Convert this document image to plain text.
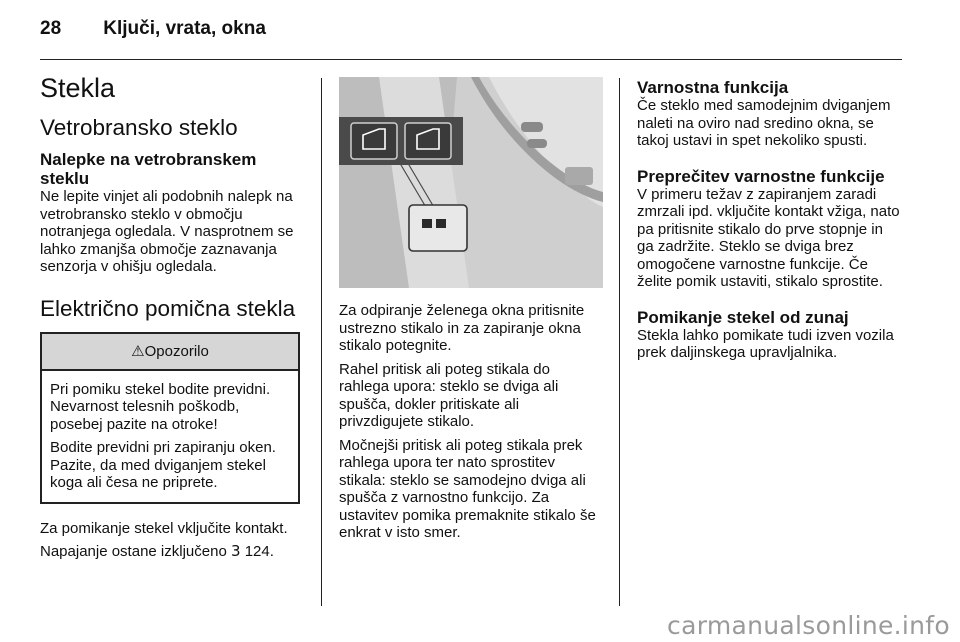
28 Ključi, vrata, okna
Stekla
Vetrobransko steklo
Nalepke na vetrobranskem steklu

Ne lepite vinjet ali podobnih nalepk na vetrobransko steklo v območju notranjega ogledala. V nasprotnem se lahko zmanjša območje zaznavanja senzorja v ohišju ogledala.

Električno pomična stekla
⚠Opozorilo

Pri pomiku stekel bodite previdni. Nevarnost telesnih poškodb, posebej pazite na otroke!

Bodite previdni pri zapiranju oken. Pazite, da med dviganjem stekel koga ali česa ne priprete.

Za pomikanje stekel vključite kontakt.

Napajanje ostane izključeno 3 124.

Za odpiranje želenega okna pritisnite ustrezno stikalo in za zapiranje okna stikalo potegnite.

Rahel pritisk ali poteg stikala do rahlega upora: steklo se dviga ali spušča, dokler pritiskate ali privzdigujete stikalo.

Močnejši pritisk ali poteg stikala prek rahlega upora ter nato sprostitev stikala: steklo se samodejno dviga ali spušča z varnostno funkcijo. Za ustavitev pomika premaknite stikalo še enkrat v isto smer.

Varnostna funkcija

Če steklo med samodejnim dviganjem naleti na oviro nad sredino okna, se takoj ustavi in spet nekoliko spusti.

Preprečitev varnostne funkcije

V primeru težav z zapiranjem zaradi zmrzali ipd. vključite kontakt vžiga, nato pa pritisnite stikalo do prve stopnje in ga zadržite. Steklo se dviga brez omogočene varnostne funkcije. Če želite pomik ustaviti, stikalo sprostite.

Pomikanje stekel od zunaj

Stekla lahko pomikate tudi izven vozila prek daljinskega upravljalnika.

carmanualsonline.info
